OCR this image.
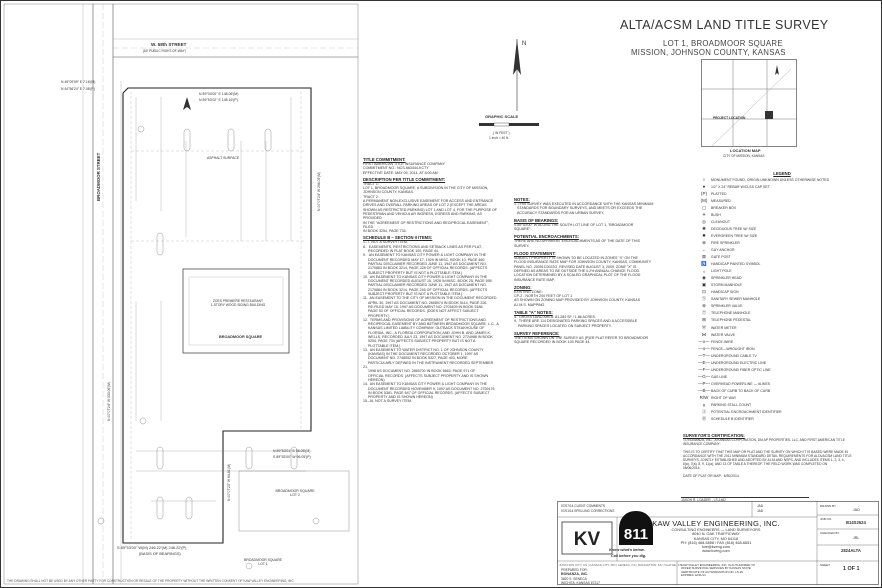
W. 58th STREET
(60' PUBLIC RIGHT-OF-WAY)
BROADMOOR STREET
N 45°09'59" E 7.16'(M)
N 44°56'24" E 7.08'(P)
N 89°04'00" E 148.06'(M)
N 89°53'02" E 148.16'(P)
ASPHALT SURFACE
ZOES PREMIERE RESTAURANT
1-STORY WOOD SIDING BUILDING
BROADMOOR SQUARE
N 00°07'24" W 294.05'(M)
N 00°07'24" W 333.06'(M)
N 89°53'01" E 96.05'(M)
S 89°53'00" W 96.05'(P)
BROADMOOR SQUARE
LOT 2
N 00°07'23" W 64.81'(M)
S 89°53'00" W(M) 246.22'(M) 246.22'(P)
(BASIS OF BEARINGS)
BROADMOOR SQUARE
LOT 1
N
GRAPHIC SCALE
( IN FEET )
1 inch = 40 ft.
ALTA/ACSM LAND TITLE SURVEY
LOT 1, BROADMOOR SQUARE
MISSION, JOHNSON COUNTY, KANSAS
PROJECT LOCATION
LOCATION MAP
CITY OF MISSION, KANSAS
TITLE COMMITMENT:
FIRST AMERICAN TITLE INSURANCE COMPANY
COMMITMENT NO.: NCS-663444-KCTY
EFFECTIVE DATE: MAY 09, 2014, AT 8:00 AM
DESCRIPTION PER TITLE COMMITMENT:
TRACT 1:
LOT 1, BROADMOOR SQUARE, A SUBDIVISION IN THE CITY OF MISSION,
JOHNSON COUNTY, KANSAS.
TRACT 2:
A PERMANENT NON-EXCLUSIVE EASEMENT FOR ACCESS AND ENTRANCE
DRIVES AND OVERALL PARKING AREAS OF LOT 2 (EXCEPT THE AREAS
SHOWN AS RESTRICTED-PARKING) LOT 1 AND LOT 4, FOR THE PURPOSE OF
PEDESTRIAN AND VEHICULAR INGRESS, EGRESS AND PARKING, AS PROVIDED
IN THE "AGREEMENT OF RESTRICTIONS AND RECIPROCAL EASEMENT", FILED
IN BOOK 3254, PAGE 734.
SCHEDULE B – SECTION II ITEMS:
1.-7. NOT A SURVEY ITEM.
8.   EASEMENTS, RESTRICTIONS AND SETBACK LINES AS PER PLAT,
RECORDED IN PLAT BOOK 100, PAGE 44.
9.   AN EASEMENT TO KANSAS CITY POWER & LIGHT COMPANY IN THE
DOCUMENT RECORDED MAY 17, 1929 IN MISC. BOOK 10, PAGE 460.
PARTIAL DISCLAIMER RECORDED JUNE 11, 1947 AS DOCUMENT NO.
2170863 IN BOOK 3214, PAGE 228 OF OFFICIAL RECORDS. (AFFECTS
SUBJECT PROPERTY BUT IS NOT A PLOTTABLE ITEM.)
10.  AN EASEMENT TO KANSAS CITY POWER & LIGHT COMPANY IN THE
DOCUMENT RECORDED AUGUST 15, 1928 IN MISC. BOOK 25, PAGE 595.
PARTIAL DISCLAIMER RECORDED JUNE 11, 1947 AS DOCUMENT NO.
2170864 IN BOOK 3214, PAGE 245 OF OFFICIAL RECORDS. (AFFECTS
SUBJECT PROPERTY BUT IS NOT A PLOTTABLE ITEM.)
11.  AN EASEMENT TO THE CITY OF MISSION IN THE DOCUMENT RECORDED
APRIL 30, 1997 AS DOCUMENT NO. 2608974 IN BOOK 5114, PAGE 226.
RE-FILED MAY 15, 1997 AS DOCUMENT NO. 2703409 IN BOOK 5186,
PAGE 53 OF OFFICIAL RECORDS. (DOES NOT AFFECT SUBJECT
PROPERTY.)
12.  TERMS AND PROVISIONS OF AGREEMENT OF RESTRICTIONS AND
RECIPROCAL EASEMENT BY AND BETWEEN BROADMOOR SQUARE, L.C., A
KANSAS LIMITED LIABILITY COMPANY, OUTBACK STEAKHOUSE OF
FLORIDA, INC., A FLORIDA CORPORATION, AND JOHN B. AND JAMES K.
WELLS, RECORDED JULY 23, 1997 AS DOCUMENT NO. 2724986 IN BOOK
5254, PAGE 734 (AFFECTS SUBJECT PROPERTY BUT IS NOT A
PLOTTABLE ITEM.)
13.  AN EASEMENT TO WATER DISTRICT NO. 1 OF JOHNSON COUNTY
(KANSAS) IN THE DOCUMENT RECORDED OCTOBER 1, 1997 AS
DOCUMENT NO. 2748052 IN BOOK 5327, PAGE 403, MORE
PARTICULARLY DEFINED IN THE INSTRUMENT RECORDED SEPTEMBER 21,
1998 AS DOCUMENT NO. 2865700 IN BOOK 5663, PAGE 971 OF
OFFICIAL RECORDS. (AFFECTS SUBJECT PROPERTY AND IS SHOWN
HEREON)
14.  AN EASEMENT TO KANSAS CITY POWER & LIGHT COMPANY IN THE
DOCUMENT RECORDED NOVEMBER 9, 1997 AS DOCUMENT NO. 2759176
IN BOOK 5361, PAGE 647 OF OFFICIAL RECORDS. (AFFECTS SUBJECT
PROPERTY AND IS SHOWN HEREON)
15.-16. NOT A SURVEY ITEM.
NOTES:
1. THIS SURVEY WAS EXECUTED IN ACCORDANCE WITH THE KANSAS MINIMUM
STANDARDS FOR BOUNDARY SURVEYS, AND MEETS OR EXCEEDS THE
ACCURACY STANDARDS FOR AN URBAN SURVEY.
BASIS OF BEARINGS:
S 89°53'00" W ALONG THE SOUTH LOT LINE OF LOT 1, "BROADMOOR
SQUARE".
POTENTIAL ENCROACHMENTS:
THERE ARE NO APPARENT ENCROACHMENTS AS OF THE DATE OF THIS
SURVEY.
FLOOD STATEMENT:
SUBJECT PROPERTY IS SHOWN TO BE LOCATED IN ZONES "X" ON THE
FLOOD INSURANCE RATE MAP FOR JOHNSON COUNTY, KANSAS, COMMUNITY
PANEL NO. 20091C0022G, REVISED DATE AUGUST 3, 2009. ZONE "X" IS
DEFINED AS AREAS TO BE OUTSIDE THE 0.2% ANNUAL CHANCE FLOOD.
LOCATION DETERMINED BY A SCALED GRAPHICAL PLOT OF THE FLOOD
INSURANCE RATE MAP.
ZONING:
EXISTING ZONE:
CP-2 - NORTH 200 FEET OF LOT 1
AS SHOWN ON ZONING MAP PROVIDED BY JOHNSON COUNTY, KANSAS
A.I.M.S. MAPPING.
TABLE "A" NOTES:
4.  GROSS LAND AREA: 81,284 SF / 1.86 ACRES.
9.  THERE ARE 114 DESIGNATED PARKING SPACES AND 8 ACCESSIBLE
PARKING SPACES LOCATED ON SUBJECT PROPERTY.
SURVEY REFERENCE:
THE ITEMS SHOWN ON THE SURVEY AS (P)ER PLAT REFER TO BROADMOOR
SQUARE RECORDED IN BOOK 100 PAGE 44.
LEGEND
○	MONUMENT FOUND, ORIGIN UNKNOWN UNLESS OTHERWISE NOTED
●	1/2" X 24" REBAR W/CLSS CAP SET
(P)	PLATTED
(M)	MEASURED
▢	BREAKER BOX
✳	BUSH
◎	CLEANOUT
✺	DECIDUOUS TREE W/ SIZE
✹	EVERGREEN TREE W/ SIZE
⊕	FIRE SPRINKLER
←	GUY ANCHOR
⊠	GATE POST
♿	HANDICAP PAINTED SYMBOL
☼	LIGHT POLE
◉	SPRINKLER HEAD
▣	STORM MANHOLE
⊡	HANDICAP SIGN
Ⓢ	SANITARY SEWER MANHOLE
⊗	SPRINKLER VALVE
Ⓣ	TELEPHONE MANHOLE
⊞	TELEPHONE PEDESTAL
Ⓦ	WATER METER
⋈	WATER VALVE
—x— FENCE-WIRE
—o— FENCE—WROUGHT IRON
—T— UNDERGROUND CABLE TV
—E— UNDERGROUND ELECTRIC LINE
—F— UNDERGROUND FIBER OPTIC LINE
—G— GAS LINE
—P— OVERHEAD POWERLINE — #LINES
—B— BACK OF CURB TO BACK OF CURB
R/W RIGHT OF WAY
#	PARKING STALL COUNT
Ⓐ	POTENTIAL ENCROACHMENT IDENTIFIER
Ⓑ	SCHEDULE B IDENTIFIER
SURVEYOR'S CERTIFICATION:
TO BONANZA, INC., A KANSAS CORPORATION, DM AP PROPERTIES, LLC, AND FIRST AMERICAN TITLE
INSURANCE COMPANY:

THIS IS TO CERTIFY THAT THIS MAP OR PLAT AND THE SURVEY ON WHICH IT IS BASED WERE MADE IN
ACCORDANCE WITH THE 2011 MINIMUM STANDARD DETAIL REQUIREMENTS FOR ALTA/ACSM LAND TITLE
SURVEYS, JOINTLY ESTABLISHED AND ADOPTED BY ALTA AND NSPS, AND INCLUDES ITEMS 1, 2, 3, 4,
6(a), 7(a), 8, 9, 11(a), AND 13 OF TABLE A THEREOF. THE FIELD WORK WAS COMPLETED ON
06/06/2014.
DATE OF PLAT OR MAP:  6/30/2014
JASON R. LOADER - LS-1462
07/07/14 CLIENT COMMENTS
07/01/14 SPELLING CORRECTIONS
JAD
JAD
KV
KAW VALLEY ENGINEERING, INC.
CONSULTING ENGINEERS — LAND SURVEYORS
8040 N. OAK TRAFFICWAY
KANSAS CITY, MO 64118
PH: (816) 468-5858 / FAX (816) 468-6651
kve@kveng.com
www.kveng.com
JUNCTION CITY, KS | KANSAS CITY, MO | LENEXA, KS | MANHATTAN, KS | OLATHE, KS
PREPARED FOR:
BONANZA, INC.
3820 S. SENECA
WICHITA, KANSAS 67217
KAW VALLEY ENGINEERING, INC. IS AUTHORIZED TO
OFFER SURVEYING SERVICES BY KANSAS STATE
CERTIFICATE OF AUTHORIZATION NO. LS-20.
EXPIRES 12/31/14
DRAWN BY
JAD
JOB NO.
B14S2624
CHECKED BY
JRL
2824ALTA
SHEET
1 OF 1
811
Know what's below.
Call before you dig.
THE DRAWING SHALL NOT BE USED BY ANY OTHER PARTY FOR CONSTRUCTION OR RESALE OF THE PROPERTY WITHOUT THE WRITTEN CONSENT OF KAW VALLEY ENGINEERING, INC.
